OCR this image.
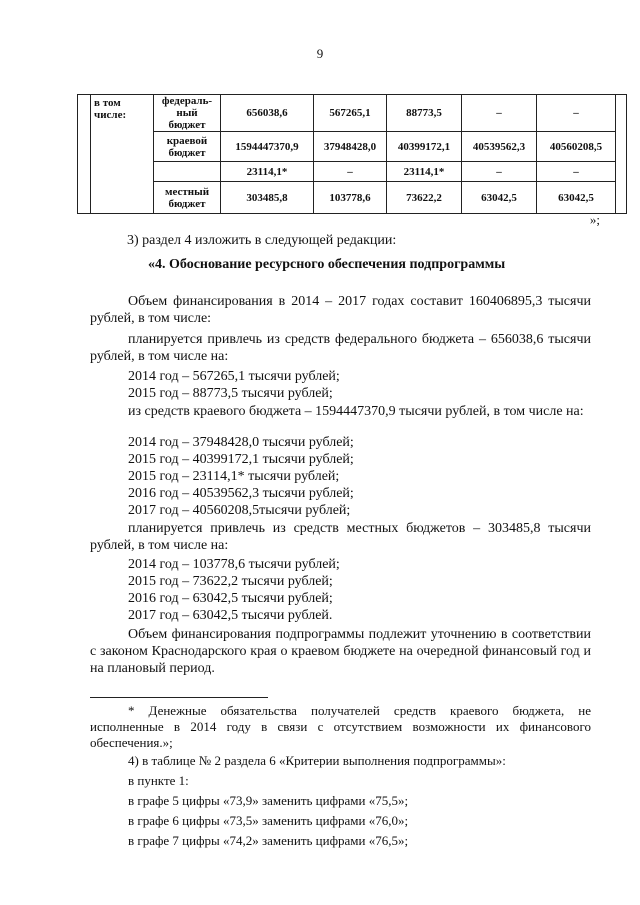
9
	в том числе:	федераль-ный бюджет	656038,6	567265,1	88773,5	–	–	
		краевой бюджет	1594447370,9	37948428,0	40399172,1	40539562,3	40560208,5	
			23114,1*	–	23114,1*	–	–	
		местный бюджет	303485,8	103778,6	73622,2	63042,5	63042,5	
»;
3) раздел 4 изложить в следующей редакции:
«4. Обоснование ресурсного обеспечения подпрограммы

Объем финансирования в 2014 – 2017 годах составит 160406895,3 тысячи рублей, в том числе:

планируется привлечь из средств федерального бюджета – 656038,6 тысячи рублей, в том числе на:

2014 год – 567265,1 тысячи рублей;
2015 год – 88773,5 тысячи рублей;

из средств краевого бюджета – 1594447370,9 тысячи рублей, в том числе на:

2014 год – 37948428,0 тысячи рублей;
2015 год – 40399172,1 тысячи рублей;
2015 год – 23114,1* тысячи рублей;
2016 год – 40539562,3 тысячи рублей;
2017 год – 40560208,5тысячи рублей;

планируется привлечь из средств местных бюджетов – 303485,8 тысячи рублей, в том числе на:

2014 год – 103778,6 тысячи рублей;
2015 год – 73622,2 тысячи рублей;
2016 год – 63042,5 тысячи рублей;
2017 год – 63042,5 тысячи рублей.

Объем финансирования подпрограммы подлежит уточнению в соответствии с законом Краснодарского края о краевом бюджете на очередной финансовый год и на плановый период.

* Денежные обязательства получателей средств краевого бюджета, не исполненные в 2014 году в связи с отсутствием возможности их финансового обеспечения.»;

4) в таблице № 2 раздела 6 «Критерии выполнения подпрограммы»:
в пункте 1:
в графе 5 цифры «73,9» заменить цифрами «75,5»;
в графе 6 цифры «73,5» заменить цифрами «76,0»;
в графе 7 цифры «74,2» заменить цифрами «76,5»;
